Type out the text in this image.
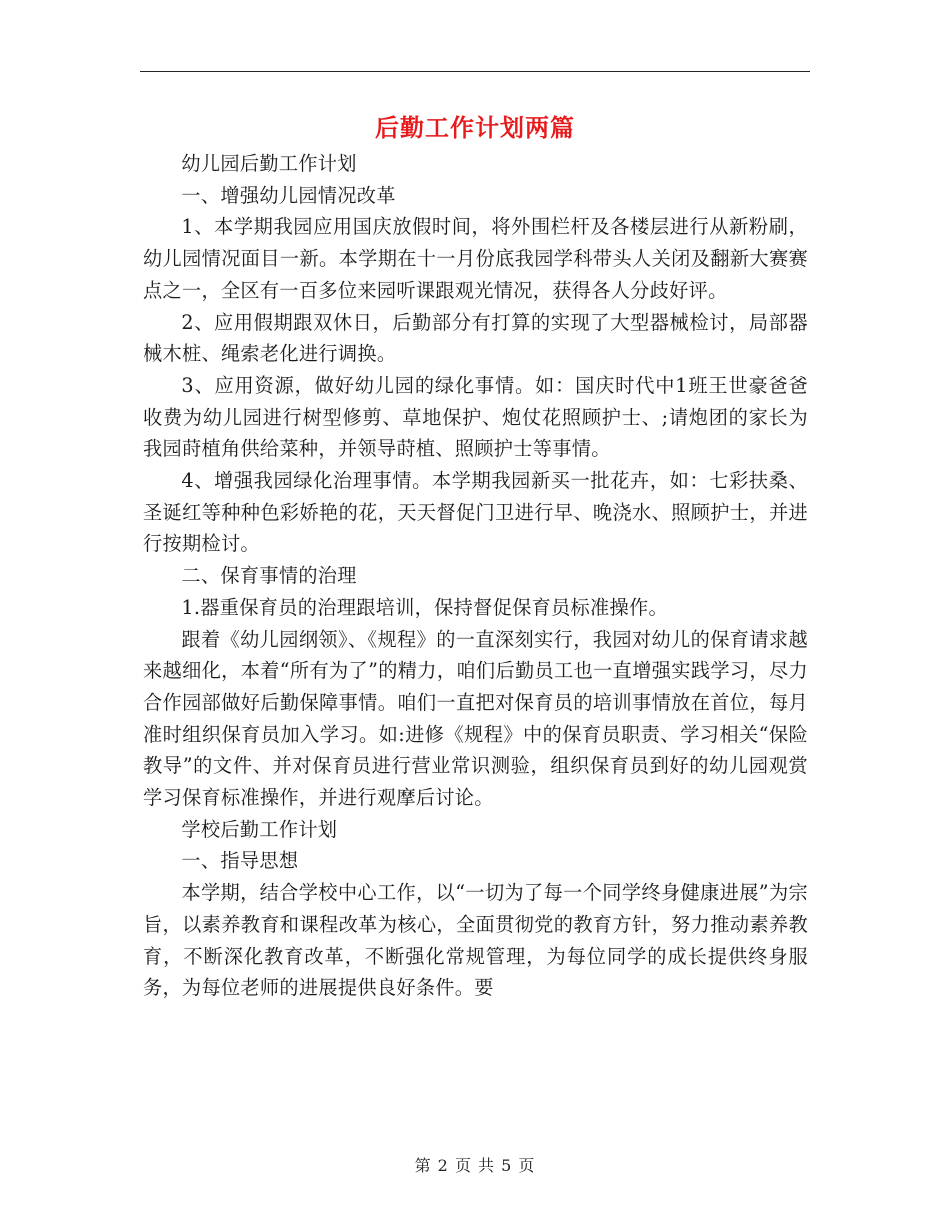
后勤工作计划两篇

幼儿园后勤工作计划

一、增强幼儿园情况改革

1、本学期我园应用国庆放假时间，将外围栏杆及各楼层进行从新粉刷，幼儿园情况面目一新。本学期在十一月份底我园学科带头人关闭及翻新大赛赛点之一，全区有一百多位来园听课跟观光情况，获得各人分歧好评。

2、应用假期跟双休日，后勤部分有打算的实现了大型器械检讨，局部器械木桩、绳索老化进行调换。

3、应用资源，做好幼儿园的绿化事情。如：国庆时代中1班王世豪爸爸收费为幼儿园进行树型修剪、草地保护、炮仗花照顾护士、;请炮团的家长为我园莳植角供给菜种，并领导莳植、照顾护士等事情。

4、增强我园绿化治理事情。本学期我园新买一批花卉，如：七彩扶桑、圣诞红等种种色彩娇艳的花，天天督促门卫进行早、晚浇水、照顾护士，并进行按期检讨。

二、保育事情的治理

1.器重保育员的治理跟培训，保持督促保育员标准操作。

跟着《幼儿园纲领》、《规程》的一直深刻实行，我园对幼儿的保育请求越来越细化，本着“所有为了”的精力，咱们后勤员工也一直增强实践学习，尽力合作园部做好后勤保障事情。咱们一直把对保育员的培训事情放在首位，每月准时组织保育员加入学习。如:进修《规程》中的保育员职责、学习相关“保险教导”的文件、并对保育员进行营业常识测验，组织保育员到好的幼儿园观赏学习保育标准操作，并进行观摩后讨论。

学校后勤工作计划

一、指导思想

本学期，结合学校中心工作，以“一切为了每一个同学终身健康进展”为宗旨，以素养教育和课程改革为核心，全面贯彻党的教育方针，努力推动素养教育，不断深化教育改革，不断强化常规管理，为每位同学的成长提供终身服务，为每位老师的进展提供良好条件。要

第 2 页 共 5 页
